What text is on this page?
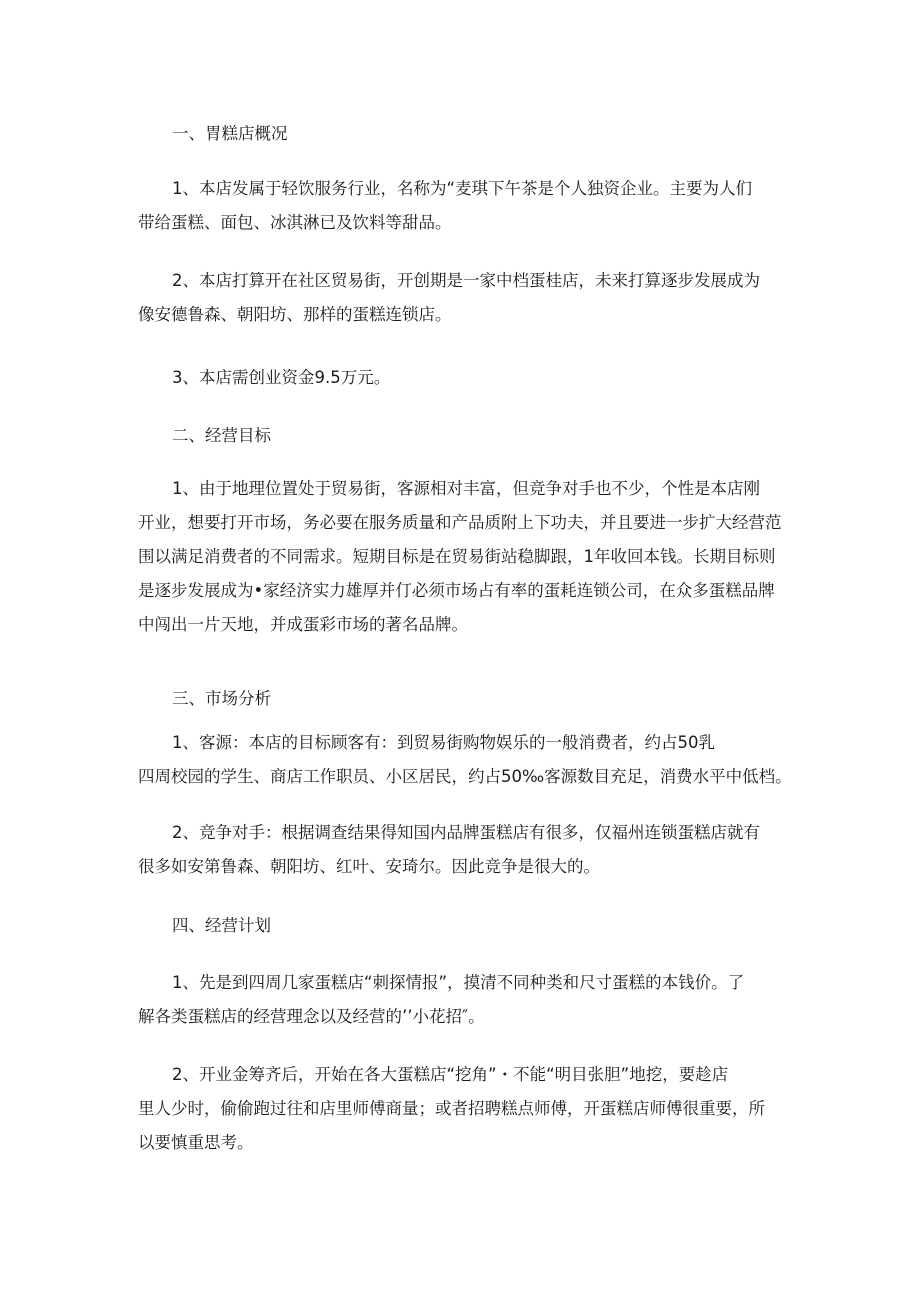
一、胃糕店概况
1、本店发属于轻饮服务行业，名称为“麦琪下午茶是个人独资企业。主要为人们
带给蛋糕、面包、冰淇淋已及饮料等甜品。
2、本店打算开在社区贸易街，开创期是一家中档蛋桂店，未来打算逐步发展成为
像安德鲁森、朝阳坊、那样的蛋糕连锁店。
3、本店需创业资金9.5万元。
二、经营目标
1、由于地理位置处于贸易街，客源相对丰富，但竞争对手也不少，个性是本店刚
开业，想要打开市场，务必要在服务质量和产品质附上下功夫，并且要进一步扩大经营范
围以满足消费者的不同需求。短期目标是在贸易街站稳脚跟，1年收回本钱。长期目标则
是逐步发展成为•家经济实力雄厚并仃必须市场占有率的蛋耗连锁公司，在众多蛋糕品牌
中闯出一片天地，并成蛋彩市场的著名品牌。
三、市场分析
1、客源：本店的目标顾客有：到贸易街购物娱乐的一般消费者，约占50乳
四周校园的学生、商店工作职员、小区居民，约占50‰客源数目充足，消费水平中低档。
2、竞争对手：根据调查结果得知国内品牌蛋糕店有很多，仅福州连锁蛋糕店就有
很多如安第鲁森、朝阳坊、红叶、安琦尔。因此竞争是很大的。
四、经营计划
1、先是到四周几家蛋糕店“刺探情报”，摸清不同种类和尺寸蛋糕的本钱价。了
解各类蛋糕店的经营理念以及经营的’’小花招″。
2、开业金筹齐后，开始在各大蛋糕店“挖角”・不能“明目张胆”地挖，要趁店
里人少时，偷偷跑过往和店里师傅商量；或者招聘糕点师傅，开蛋糕店师傅很重要，所
以要慎重思考。
